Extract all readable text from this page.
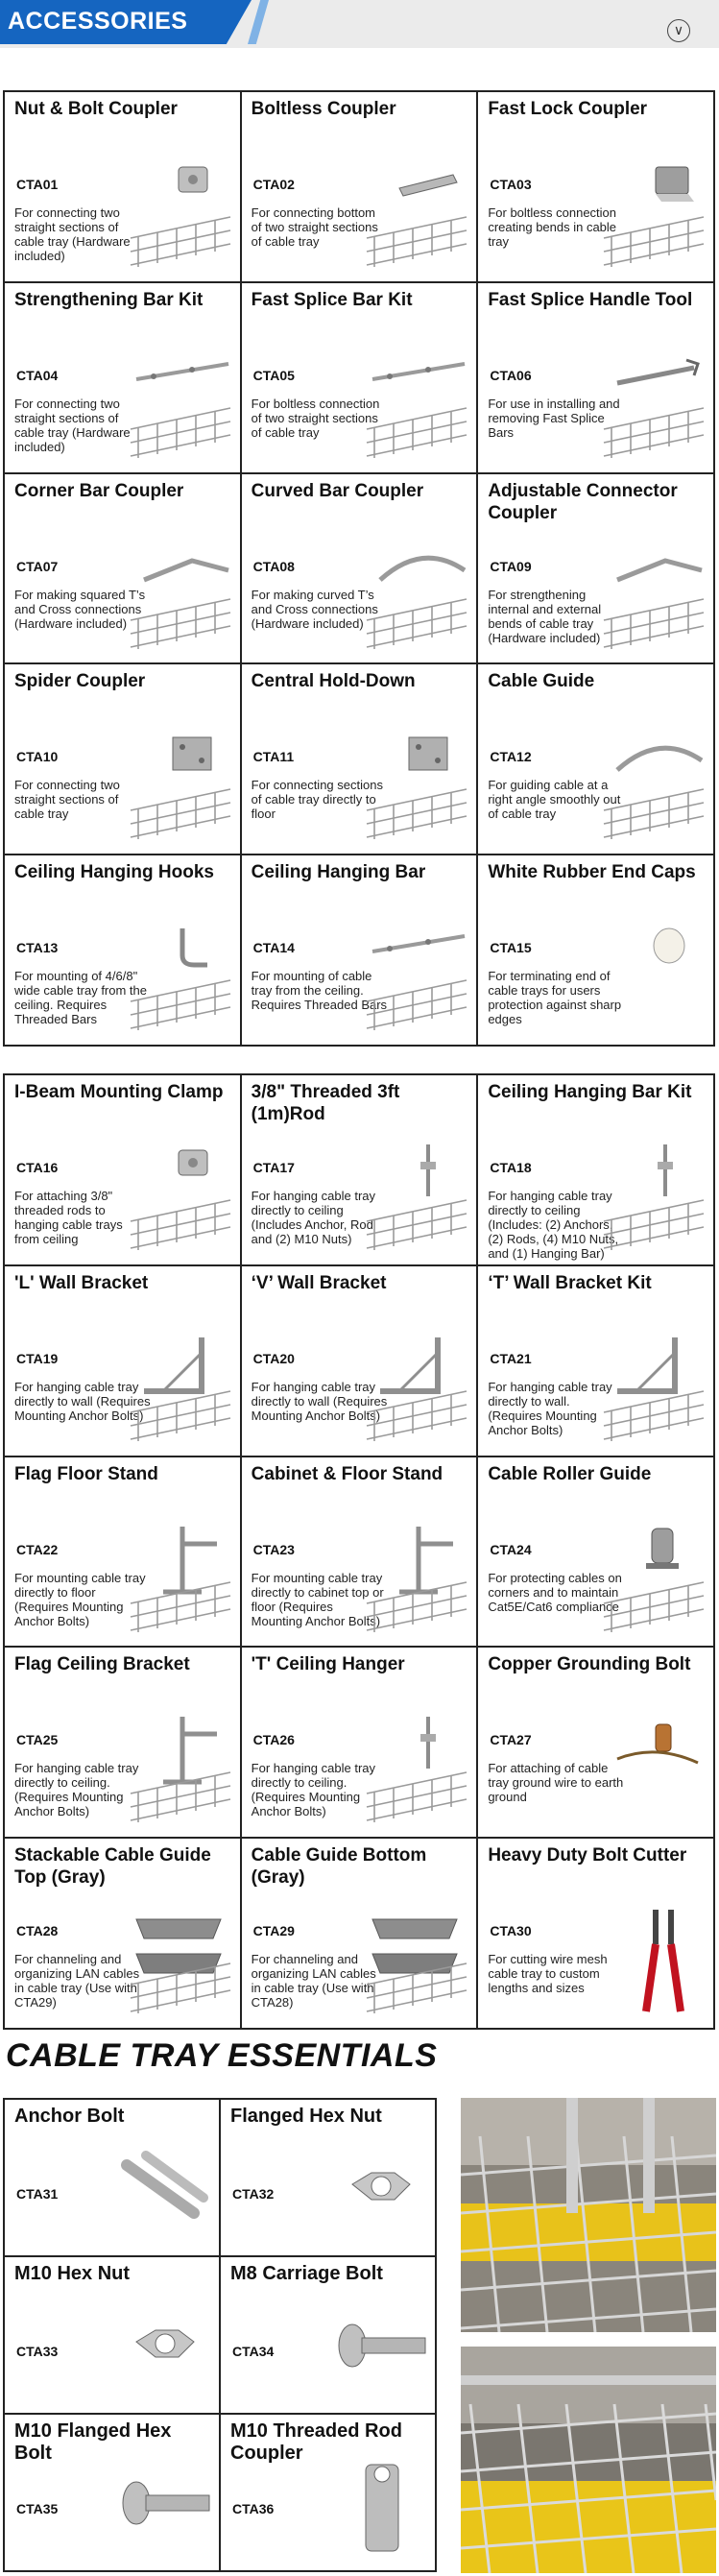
ACCESSORIES	∨
Nut & Bolt Coupler
CTA01
For connecting two straight sections of cable tray (Hardware included)
Boltless Coupler
CTA02
For connecting bottom of two straight sections of cable tray
Fast Lock Coupler
CTA03
For boltless connection creating bends in cable tray
Strengthening Bar Kit
CTA04
For connecting two straight sections of cable tray (Hardware included)
Fast Splice Bar Kit
CTA05
For boltless connection of two straight sections of cable tray
Fast Splice Handle Tool
CTA06
For use in installing and removing Fast Splice Bars
Corner Bar Coupler
CTA07
For making squared T’s and Cross connections (Hardware included)
Curved Bar Coupler
CTA08
For making curved T’s and Cross connections (Hardware included)
Adjustable Connector Coupler
CTA09
For strengthening internal and external bends of cable tray (Hardware included)
Spider Coupler
CTA10
For connecting two straight sections of cable tray
Central Hold-Down
CTA11
For connecting sections of cable tray directly to floor
Cable Guide
CTA12
For guiding cable at a right angle smoothly out of cable tray
Ceiling Hanging Hooks
CTA13
For mounting of 4/6/8" wide cable tray from the ceiling. Requires Threaded Bars
Ceiling Hanging Bar
CTA14
For mounting of cable tray from the ceiling. Requires Threaded Bars
White Rubber End Caps
CTA15
For terminating end of cable trays for users protection against sharp edges
I-Beam Mounting Clamp
CTA16
For attaching 3/8" threaded rods to hanging cable trays from ceiling
3/8" Threaded 3ft (1m)Rod
CTA17
For hanging cable tray directly to ceiling (Includes Anchor, Rod and (2) M10 Nuts)
Ceiling Hanging Bar Kit
CTA18
For hanging cable tray directly to ceiling (Includes: (2) Anchors, (2) Rods, (4) M10 Nuts, and (1) Hanging Bar)
'L' Wall Bracket
CTA19
For hanging cable tray directly to wall (Requires Mounting Anchor Bolts)
‘V’ Wall Bracket
CTA20
For hanging cable tray directly to wall (Requires Mounting Anchor Bolts)
‘T’ Wall Bracket Kit
CTA21
For hanging cable tray directly to wall. (Requires Mounting Anchor Bolts)
Flag Floor Stand
CTA22
For mounting cable tray directly to floor (Requires Mounting Anchor Bolts)
Cabinet & Floor Stand
CTA23
For mounting cable tray directly to cabinet top or floor (Requires Mounting Anchor Bolts)
Cable Roller Guide
CTA24
For protecting cables on corners and to maintain Cat5E/Cat6 compliance
Flag Ceiling Bracket
CTA25
For hanging cable tray directly to ceiling. (Requires Mounting Anchor Bolts)
'T' Ceiling Hanger
CTA26
For hanging cable tray directly to ceiling. (Requires Mounting Anchor Bolts)
Copper Grounding Bolt
CTA27
For attaching of cable tray ground wire to earth ground
Stackable Cable Guide Top (Gray)
CTA28
For channeling and organizing LAN cables in cable tray (Use with CTA29)
Cable Guide Bottom (Gray)
CTA29
For channeling and organizing LAN cables in cable tray (Use with CTA28)
Heavy Duty Bolt Cutter
CTA30
For cutting wire mesh cable tray to custom lengths and sizes
CABLE TRAY ESSENTIALS
Anchor Bolt
CTA31
Flanged Hex Nut
CTA32
M10 Hex Nut
CTA33
M8 Carriage Bolt
CTA34
M10 Flanged Hex Bolt
CTA35
M10 Threaded Rod Coupler
CTA36
